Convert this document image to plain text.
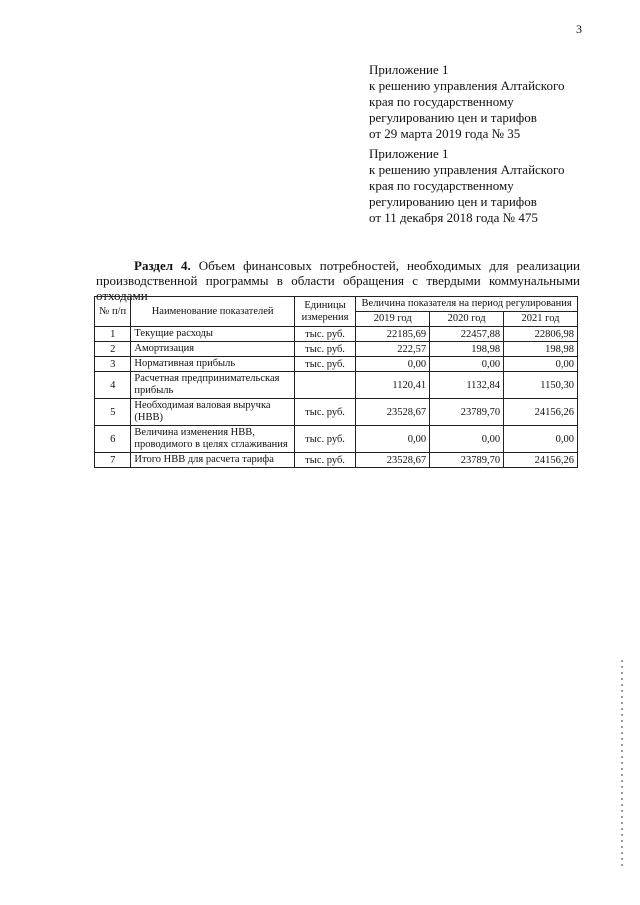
3
Приложение 1
к решению управления Алтайского
края по государственному
регулированию цен и тарифов
от 29 марта 2019 года № 35
Приложение 1
к решению управления Алтайского
края по государственному
регулированию цен и тарифов
от 11 декабря 2018 года № 475
Раздел 4. Объем финансовых потребностей, необходимых для реализации производственной программы в области обращения с твердыми коммунальными отходами
№ п/п	Наименование показателей	Единицы измерения	Величина показателя на период регулирования		
			2019 год	2020 год	2021 год
1	Текущие расходы	тыс. руб.	22185,69	22457,88	22806,98
2	Амортизация	тыс. руб.	222,57	198,98	198,98
3	Нормативная прибыль	тыс. руб.	0,00	0,00	0,00
4	Расчетная предпринимательская прибыль		1120,41	1132,84	1150,30
5	Необходимая валовая выручка (НВВ)	тыс. руб.	23528,67	23789,70	24156,26
6	Величина изменения НВВ, проводимого в целях сглаживания	тыс. руб.	0,00	0,00	0,00
7	Итого НВВ для расчета тарифа	тыс. руб.	23528,67	23789,70	24156,26
